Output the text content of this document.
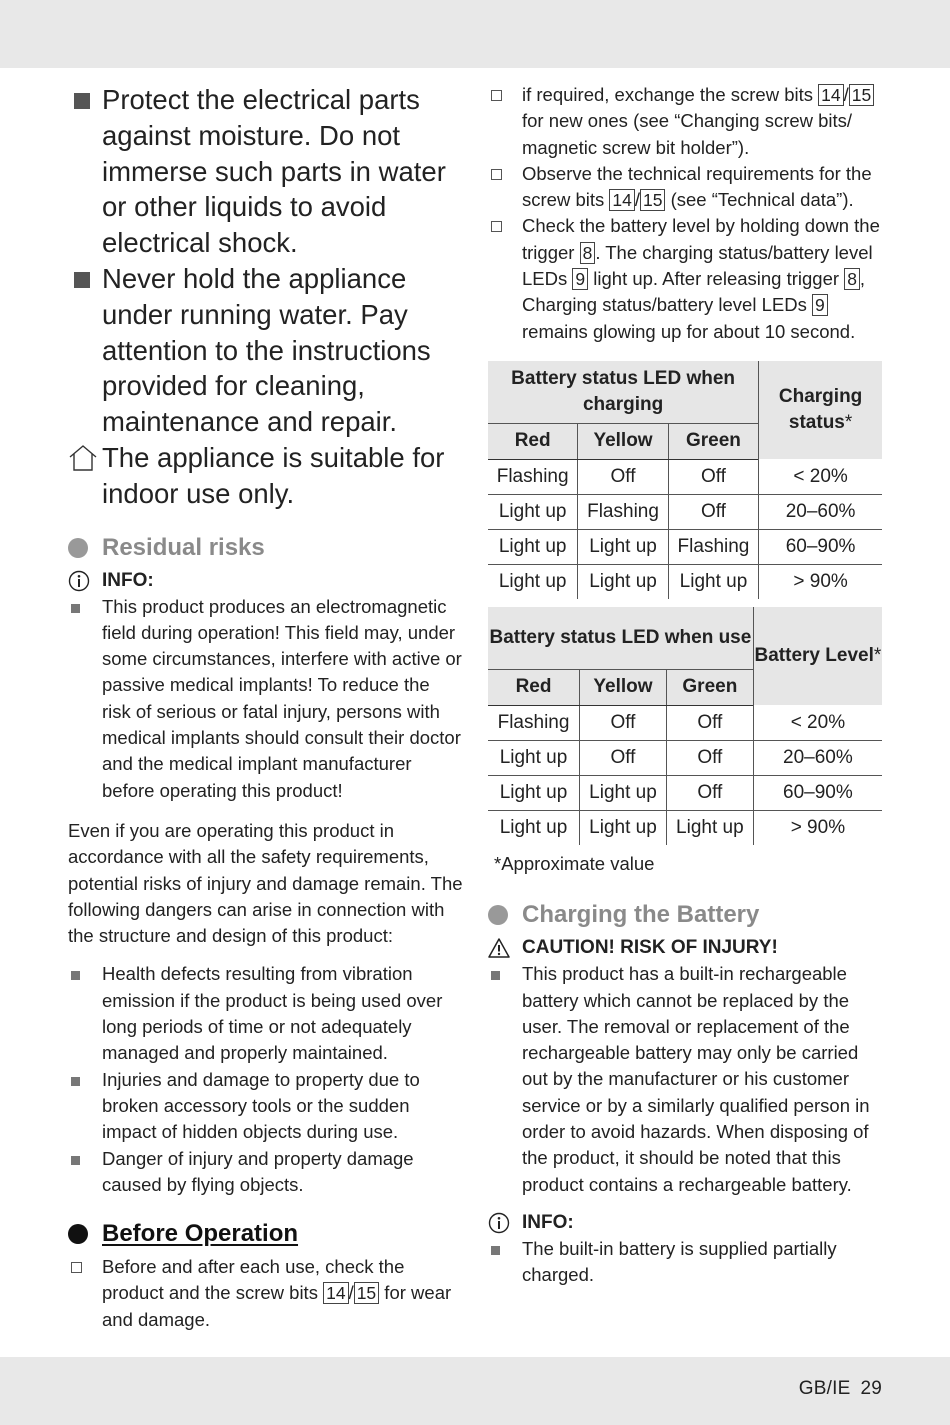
Protect the electrical parts against moisture. Do not immerse such parts in water or other liquids to avoid electrical shock.
Never hold the appliance under running water. Pay attention to the instructions provided for cleaning, maintenance and repair.
The appliance is suitable for indoor use only.
Residual risks
INFO:
This product produces an electromagnetic field during operation! This field may, under some circumstances, interfere with active or passive medical implants! To reduce the risk of serious or fatal injury, persons with medical implants should consult their doctor and the medical implant manufacturer before operating this product!

Even if you are operating this product in accordance with all the safety requirements, potential risks of injury and damage remain. The following dangers can arise in connection with the structure and design of this product:

Health defects resulting from vibration emission if the product is being used over long periods of time or not adequately managed and properly maintained.
Injuries and damage to property due to broken accessory tools or the sudden impact of hidden objects during use.
Danger of injury and property damage caused by flying objects.
Before Operation
Before and after each use, check the product and the screw bits 14 / 15 for wear and damage.
if required, exchange the screw bits 14 / 15 for new ones (see “Changing screw bits/ magnetic screw bit holder”).
Observe the technical requirements for the screw bits 14 / 15 (see “Technical data”).
Check the battery level by holding down the trigger 8 . The charging status/battery level LEDs 9 light up. After releasing trigger 8 , Charging status/battery level LEDs 9 remains glowing up for about 10 second.
Battery status LED when charging			Charging status*
Red	Yellow	Green	
Flashing	Off	Off	< 20%
Light up	Flashing	Off	20–60%
Light up	Light up	Flashing	60–90%
Light up	Light up	Light up	> 90%
Battery status LED when use			Battery Level*
Red	Yellow	Green	
Flashing	Off	Off	< 20%
Light up	Off	Off	20–60%
Light up	Light up	Off	60–90%
Light up	Light up	Light up	> 90%
*Approximate value
Charging the Battery
CAUTION! RISK OF INJURY!
This product has a built-in rechargeable battery which cannot be replaced by the user. The removal or replacement of the rechargeable battery may only be carried out by the manufacturer or his customer service or by a similarly qualified person in order to avoid hazards. When disposing of the product, it should be noted that this product contains a rechargeable battery.
INFO:
The built-in battery is supplied partially charged.
GB/IE 29
